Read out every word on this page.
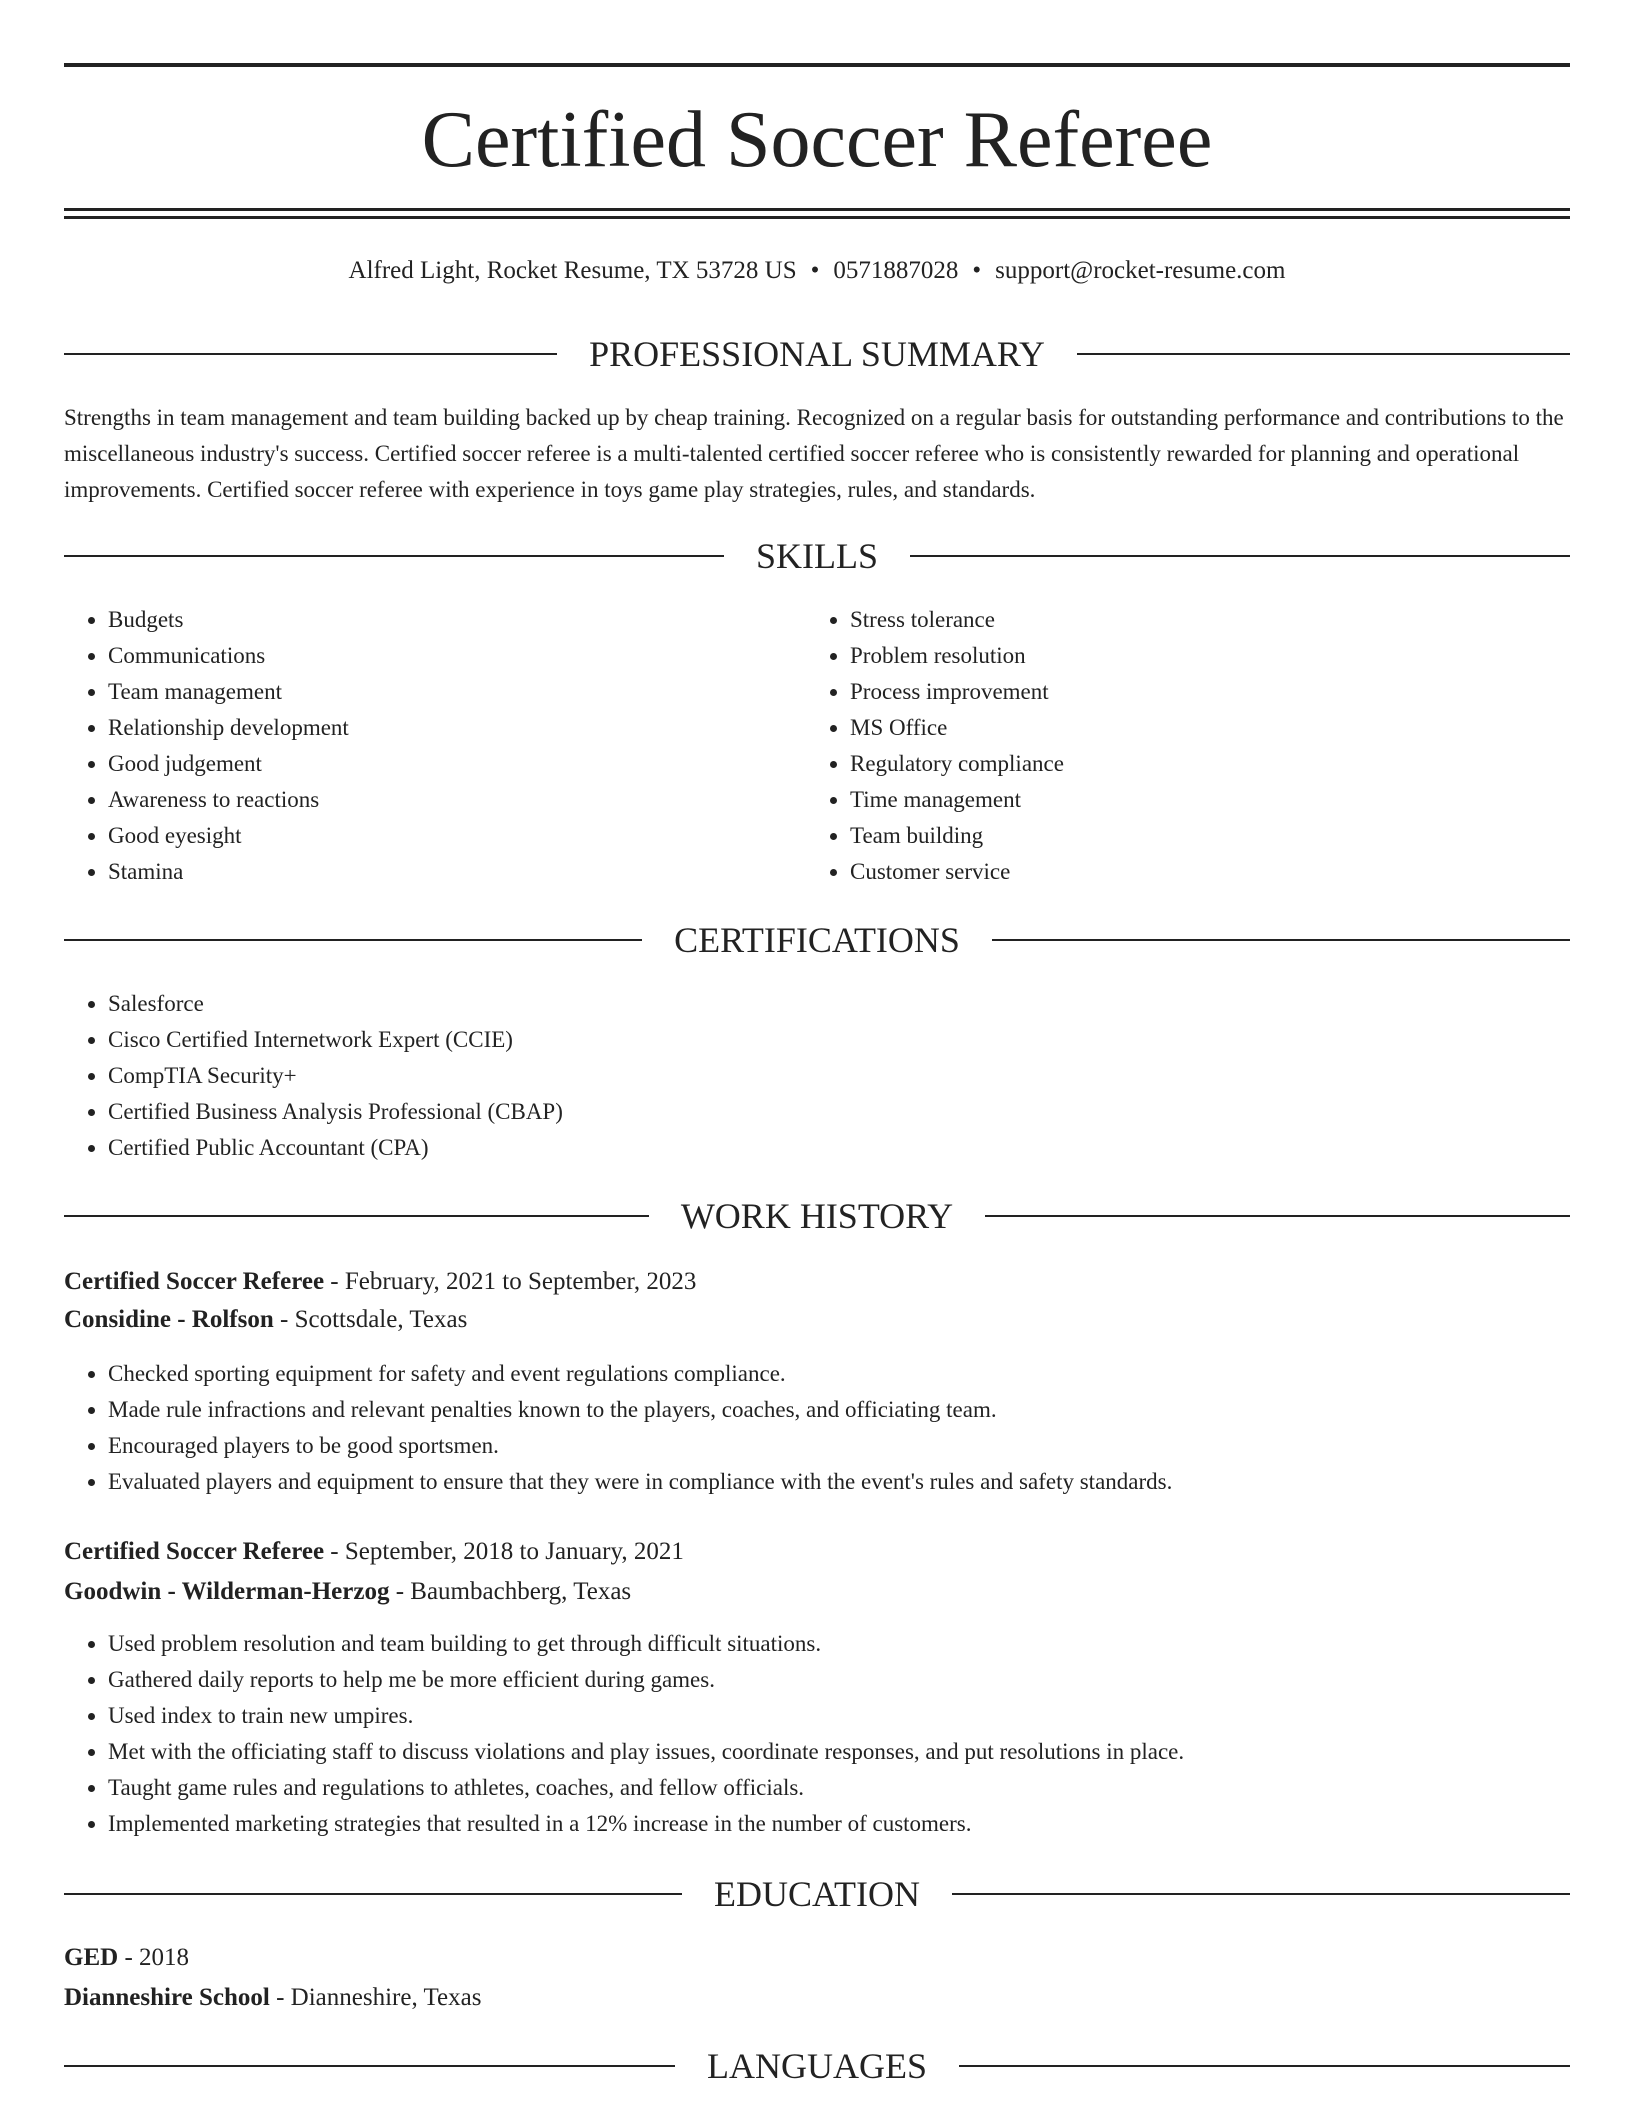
Certified Soccer Referee
Alfred Light, Rocket Resume, TX 53728 US • 0571887028 • support@rocket-resume.com
PROFESSIONAL SUMMARY
Strengths in team management and team building backed up by cheap training. Recognized on a regular basis for outstanding performance and contributions to the miscellaneous industry's success. Certified soccer referee is a multi-talented certified soccer referee who is consistently rewarded for planning and operational improvements. Certified soccer referee with experience in toys game play strategies, rules, and standards.
SKILLS
• Budgets
• Communications
• Team management
• Relationship development
• Good judgement
• Awareness to reactions
• Good eyesight
• Stamina
• Stress tolerance
• Problem resolution
• Process improvement
• MS Office
• Regulatory compliance
• Time management
• Team building
• Customer service
CERTIFICATIONS
• Salesforce
• Cisco Certified Internetwork Expert (CCIE)
• CompTIA Security+
• Certified Business Analysis Professional (CBAP)
• Certified Public Accountant (CPA)
WORK HISTORY
Certified Soccer Referee - February, 2021 to September, 2023
Considine - Rolfson - Scottsdale, Texas
• Checked sporting equipment for safety and event regulations compliance.
• Made rule infractions and relevant penalties known to the players, coaches, and officiating team.
• Encouraged players to be good sportsmen.
• Evaluated players and equipment to ensure that they were in compliance with the event's rules and safety standards.
Certified Soccer Referee - September, 2018 to January, 2021
Goodwin - Wilderman-Herzog - Baumbachberg, Texas
• Used problem resolution and team building to get through difficult situations.
• Gathered daily reports to help me be more efficient during games.
• Used index to train new umpires.
• Met with the officiating staff to discuss violations and play issues, coordinate responses, and put resolutions in place.
• Taught game rules and regulations to athletes, coaches, and fellow officials.
• Implemented marketing strategies that resulted in a 12% increase in the number of customers.
EDUCATION
GED - 2018
Dianneshire School - Dianneshire, Texas
LANGUAGES
